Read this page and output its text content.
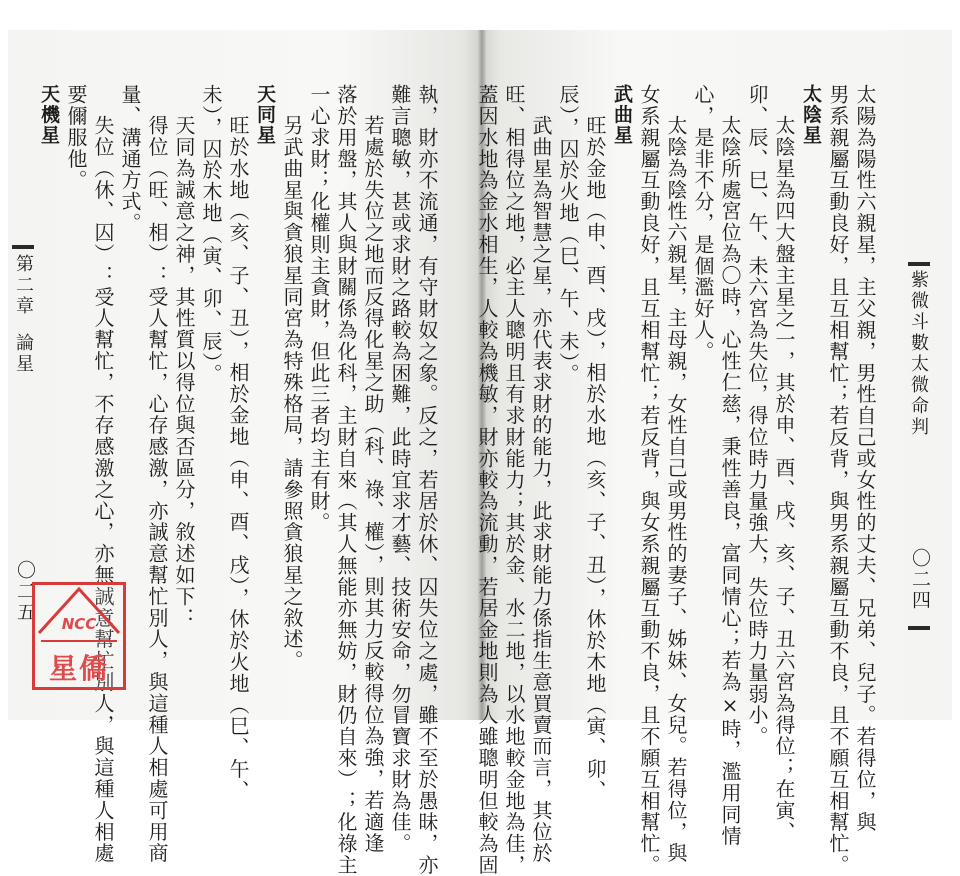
紫微斗數太微命判
〇二四
第二章
論星
〇二五	太陽為陽性六親星，主父親，男性自己或女性的丈夫、兄弟、兒子。若得位，與
男系親屬互動良好，且互相幫忙；若反背，與男系親屬互動不良，且不願互相幫忙。
太陰星
太陰星為四大盤主星之一，其於申、酉、戌、亥、子、丑六宮為得位；在寅、
卯、辰、巳、午、未六宮為失位，得位時力量強大，失位時力量弱小。
太陰所處宮位為〇時，心性仁慈，秉性善良，富同情心；若為×時，濫用同情
心，是非不分，是個濫好人。
太陰為陰性六親星，主母親，女性自己或男性的妻子、姊妹、女兒。若得位，與
女系親屬互動良好，且互相幫忙；若反背，與女系親屬互動不良，且不願互相幫忙。
武曲星
旺於金地（申、酉、戌），相於水地（亥、子、丑），休於木地（寅、卯、
辰），囚於火地（巳、午、未）。
武曲星為智慧之星，亦代表求財的能力，此求財能力係指生意買賣而言，其位於
旺、相得位之地，必主人聰明且有求財能力；其於金、水二地，以水地較金地為佳，
蓋因水地為金水相生，人較為機敏，財亦較為流動，若居金地則為人雖聰明但較為固
執，財亦不流通，有守財奴之象。反之，若居於休、囚失位之處，雖不至於愚昧，亦
難言聰敏，甚或求財之路較為困難，此時宜求才藝、技術安命，勿冒寶求財為佳。
若處於失位之地而反得化星之助（科、祿、權），則其力反較得位為強，若適逢
落於用盤，其人與財關係為化科，主財自來（其人無能亦無妨，財仍自來）；化祿主
一心求財；化權則主貪財，但此三者均主有財。
另武曲星與貪狼星同宮為特殊格局，請參照貪狼星之敘述。
天同星
旺於水地（亥、子、丑），相於金地（申、酉、戌），休於火地（巳、午、
未），囚於木地（寅、卯、辰）。
天同為誠意之神，其性質以得位與否區分，敘述如下：
得位（旺、相）：受人幫忙，心存感激，亦誠意幫忙別人，與這種人相處可用商
量、溝通方式。
失位（休、囚）：受人幫忙，不存感激之心，亦無誠意幫忙別人，與這種人相處
要儞服他。
天機星
NCC
星僑
